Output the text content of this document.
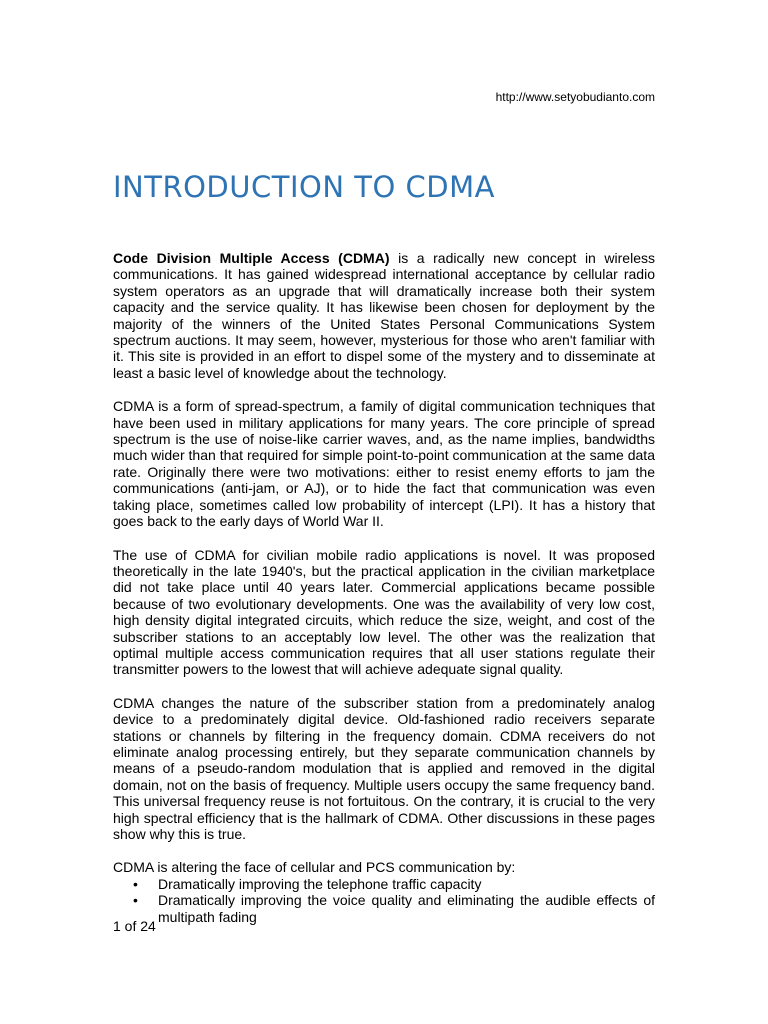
http://www.setyobudianto.com
INTRODUCTION TO CDMA

Code Division Multiple Access (CDMA) is a radically new concept in wireless communications. It has gained widespread international acceptance by cellular radio system operators as an upgrade that will dramatically increase both their system capacity and the service quality. It has likewise been chosen for deployment by the majority of the winners of the United States Personal Communications System spectrum auctions. It may seem, however, mysterious for those who aren't familiar with it. This site is provided in an effort to dispel some of the mystery and to disseminate at least a basic level of knowledge about the technology.

CDMA is a form of spread-spectrum, a family of digital communication techniques that have been used in military applications for many years. The core principle of spread spectrum is the use of noise-like carrier waves, and, as the name implies, bandwidths much wider than that required for simple point-to-point communication at the same data rate. Originally there were two motivations: either to resist enemy efforts to jam the communications (anti-jam, or AJ), or to hide the fact that communication was even taking place, sometimes called low probability of intercept (LPI). It has a history that goes back to the early days of World War II.

The use of CDMA for civilian mobile radio applications is novel. It was proposed theoretically in the late 1940's, but the practical application in the civilian marketplace did not take place until 40 years later. Commercial applications became possible because of two evolutionary developments. One was the availability of very low cost, high density digital integrated circuits, which reduce the size, weight, and cost of the subscriber stations to an acceptably low level. The other was the realization that optimal multiple access communication requires that all user stations regulate their transmitter powers to the lowest that will achieve adequate signal quality.

CDMA changes the nature of the subscriber station from a predominately analog device to a predominately digital device. Old-fashioned radio receivers separate stations or channels by filtering in the frequency domain. CDMA receivers do not eliminate analog processing entirely, but they separate communication channels by means of a pseudo-random modulation that is applied and removed in the digital domain, not on the basis of frequency. Multiple users occupy the same frequency band. This universal frequency reuse is not fortuitous. On the contrary, it is crucial to the very high spectral efficiency that is the hallmark of CDMA. Other discussions in these pages show why this is true.

CDMA is altering the face of cellular and PCS communication by:

• Dramatically improving the telephone traffic capacity
• Dramatically improving the voice quality and eliminating the audible effects of multipath fading
1 of 24
